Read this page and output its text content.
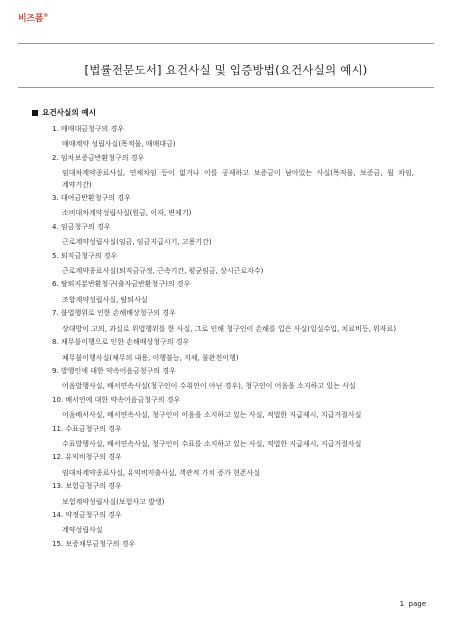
비즈폼®
[법률전문도서] 요건사실 및 입증방법(요건사실의 예시)
요건사실의 예시
1. 매매대금청구의 경우
매매계약 성립사실(목적물, 매매대금)
2. 임차보증금반환청구의 경우
임대차계약종료사실, 연체차임 등이 없거나 이를 공제하고 보증금이 남아있는 사실(목적물, 보증금, 월 차임, 계약기간)
3. 대여금반환청구의 경우
소비대차계약성립사실(원금, 이자, 변제기)
4. 임금청구의 경우
근로계약성립사실(임금, 임금지급시기, 고용기간)
5. 퇴직금청구의 경우
근로계약종료사실(퇴직금규정, 근속기간, 평균임금, 상시근로자수)
6. 탈퇴지분반환청구(출자금반환청구)의 경우
조합계약성립사실, 탈퇴사실
7. 불법행위로 인한 손해배상청구의 경우
상대방이 고의, 과실로 위법행위를 한 사실, 그로 인해 청구인이 손해를 입은 사실(일실수입, 치료비등, 위자료)
8. 채무불이행으로 인한 손해배상청구의 경우
채무불이행사실(채무의 내용, 이행불능, 지체, 불완전이행)
9. 발행인에 대한 약속어음금청구의 경우
어음발행사실, 배서연속사실(청구인이 수취인이 아닌 경우), 청구인이 어음을 소지하고 있는 사실
10. 배서인에 대한 약속어음금청구의 경우
어음배서사실, 배서연속사실, 청구인이 어음을 소지하고 있는 사실, 적법한 지급제시, 지급거절사실
11. 수표금청구의 경우
수표발행사실, 배서연속사실, 청구인이 수표를 소지하고 있는 사실, 적법한 지급제시, 지급거절사실
12. 유익비청구의 경우
임대차계약종료사실, 유익비지출사실, 객관적 가치 증가 현존사실
13. 보험금청구의 경우
보험계약성립사실(보험사고 발생)
14. 약정금청구의 경우
계약성립사실
15. 보증채무금청구의 경우
1 page
